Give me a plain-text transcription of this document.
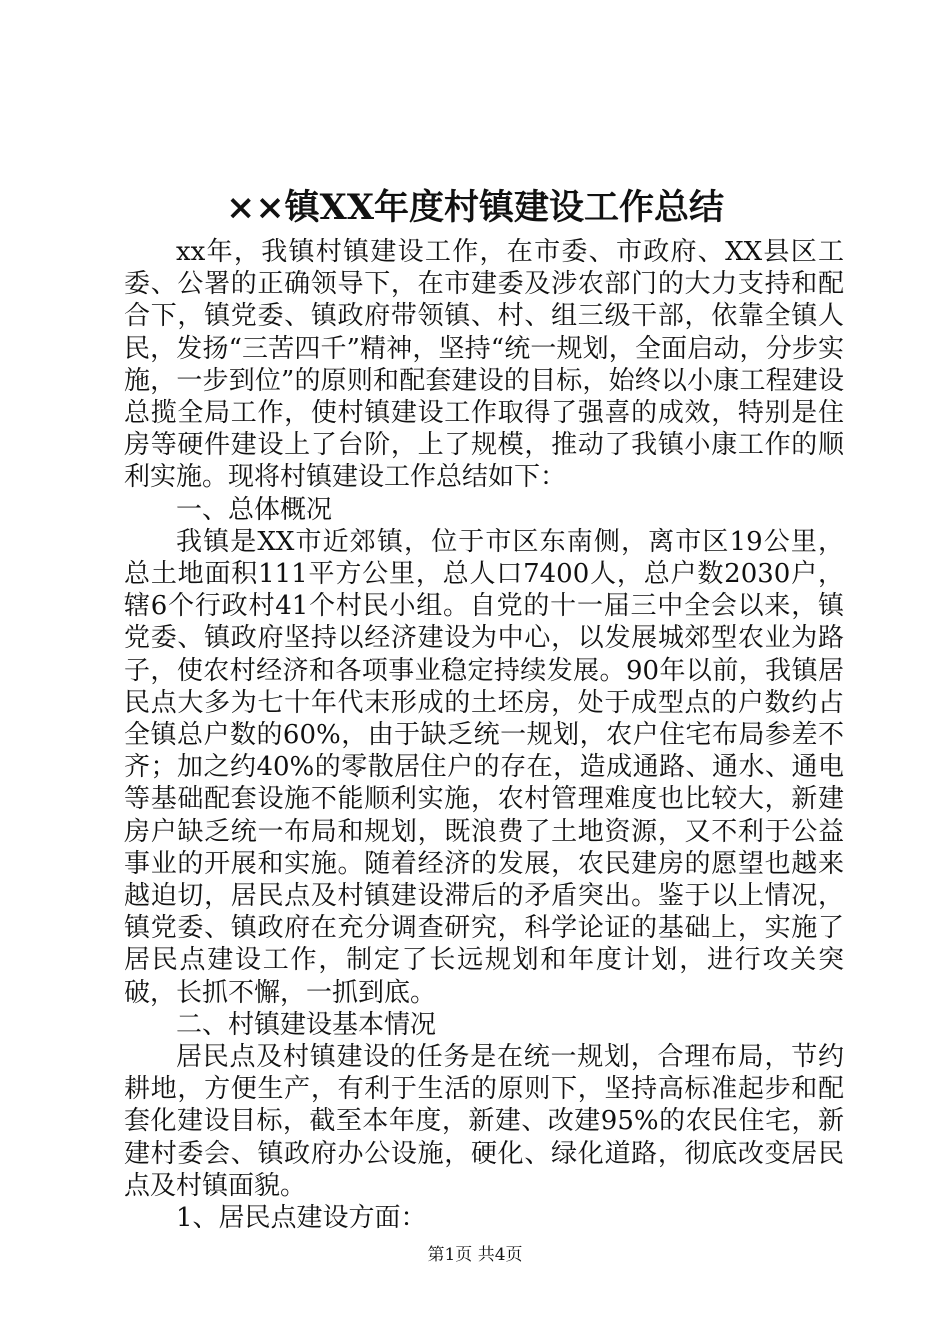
××镇XX年度村镇建设工作总结

xx年，我镇村镇建设工作，在市委、市政府、XX县区工委、公署的正确领导下，在市建委及涉农部门的大力支持和配合下，镇党委、镇政府带领镇、村、组三级干部，依靠全镇人民，发扬“三苦四千”精神，坚持“统一规划，全面启动，分步实施，一步到位”的原则和配套建设的目标，始终以小康工程建设总揽全局工作，使村镇建设工作取得了强喜的成效，特别是住房等硬件建设上了台阶，上了规模，推动了我镇小康工作的顺利实施。现将村镇建设工作总结如下：

一、总体概况

我镇是XX市近郊镇，位于市区东南侧，离市区19公里，总土地面积111平方公里，总人口7400人，总户数2030户，辖6个行政村41个村民小组。自党的十一届三中全会以来，镇党委、镇政府坚持以经济建设为中心，以发展城郊型农业为路子，使农村经济和各项事业稳定持续发展。90年以前，我镇居民点大多为七十年代末形成的土坯房，处于成型点的户数约占全镇总户数的60%，由于缺乏统一规划，农户住宅布局参差不齐；加之约40%的零散居住户的存在，造成通路、通水、通电等基础配套设施不能顺利实施，农村管理难度也比较大，新建房户缺乏统一布局和规划，既浪费了土地资源，又不利于公益事业的开展和实施。随着经济的发展，农民建房的愿望也越来越迫切，居民点及村镇建设滞后的矛盾突出。鉴于以上情况，镇党委、镇政府在充分调查研究，科学论证的基础上，实施了居民点建设工作，制定了长远规划和年度计划，进行攻关突破，长抓不懈，一抓到底。

二、村镇建设基本情况

居民点及村镇建设的任务是在统一规划，合理布局，节约耕地，方便生产，有利于生活的原则下，坚持高标准起步和配套化建设目标，截至本年度，新建、改建95%的农民住宅，新建村委会、镇政府办公设施，硬化、绿化道路，彻底改变居民点及村镇面貌。

1、居民点建设方面：

第1页 共4页
